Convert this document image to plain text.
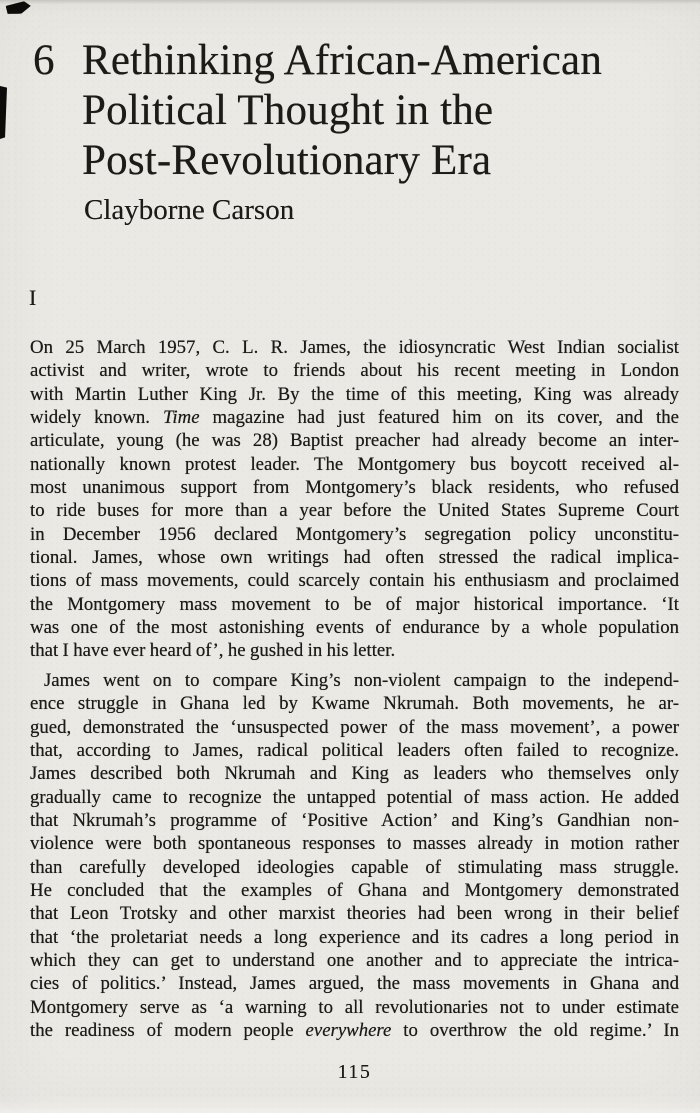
6 Rethinking African-American
Political Thought in the
Post-Revolutionary Era
Clayborne Carson
I
On 25 March 1957, C. L. R. James, the idiosyncratic West Indian socialist
activist and writer, wrote to friends about his recent meeting in London
with Martin Luther King Jr. By the time of this meeting, King was already
widely known. Time magazine had just featured him on its cover, and the
articulate, young (he was 28) Baptist preacher had already become an inter-
nationally known protest leader. The Montgomery bus boycott received al-
most unanimous support from Montgomery’s black residents, who refused
to ride buses for more than a year before the United States Supreme Court
in December 1956 declared Montgomery’s segregation policy unconstitu-
tional. James, whose own writings had often stressed the radical implica-
tions of mass movements, could scarcely contain his enthusiasm and proclaimed
the Montgomery mass movement to be of major historical importance. ‘It
was one of the most astonishing events of endurance by a whole population
that I have ever heard of’, he gushed in his letter.
James went on to compare King’s non-violent campaign to the independ-
ence struggle in Ghana led by Kwame Nkrumah. Both movements, he ar-
gued, demonstrated the ‘unsuspected power of the mass movement’, a power
that, according to James, radical political leaders often failed to recognize.
James described both Nkrumah and King as leaders who themselves only
gradually came to recognize the untapped potential of mass action. He added
that Nkrumah’s programme of ‘Positive Action’ and King’s Gandhian non-
violence were both spontaneous responses to masses already in motion rather
than carefully developed ideologies capable of stimulating mass struggle.
He concluded that the examples of Ghana and Montgomery demonstrated
that Leon Trotsky and other marxist theories had been wrong in their belief
that ‘the proletariat needs a long experience and its cadres a long period in
which they can get to understand one another and to appreciate the intrica-
cies of politics.’ Instead, James argued, the mass movements in Ghana and
Montgomery serve as ‘a warning to all revolutionaries not to under estimate
the readiness of modern people everywhere to overthrow the old regime.’ In
115
